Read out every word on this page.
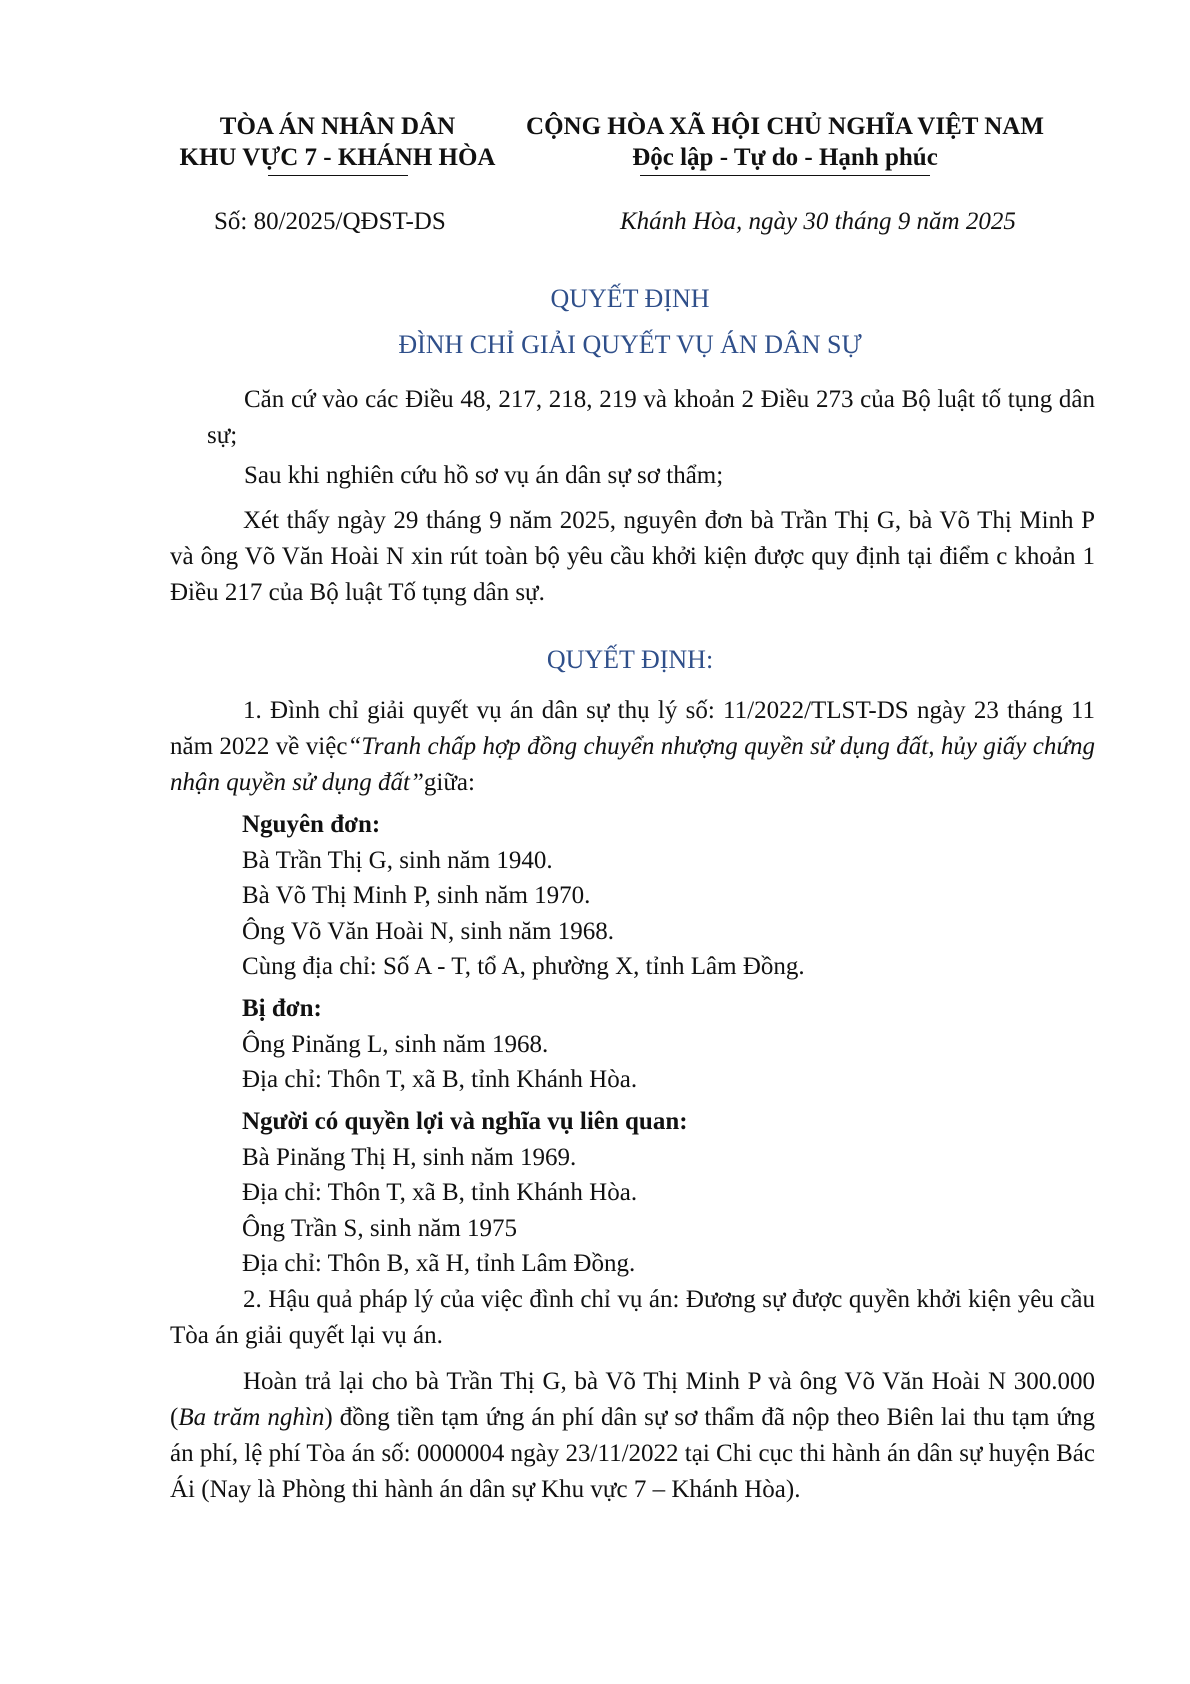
TÒA ÁN NHÂN DÂN
KHU VỰC 7 - KHÁNH HÒA
CỘNG HÒA XÃ HỘI CHỦ NGHĨA VIỆT NAM
Độc lập - Tự do - Hạnh phúc
Số: 80/2025/QĐST-DS	Khánh Hòa, ngày 30 tháng 9 năm 2025
QUYẾT ĐỊNH
ĐÌNH CHỈ GIẢI QUYẾT VỤ ÁN DÂN SỰ
Căn cứ vào các Điều 48, 217, 218, 219 và khoản 2 Điều 273 của Bộ luật tố tụng dân sự;
Sau khi nghiên cứu hồ sơ vụ án dân sự sơ thẩm;
Xét thấy ngày 29 tháng 9 năm 2025, nguyên đơn bà Trần Thị G, bà Võ Thị Minh P và ông Võ Văn Hoài N xin rút toàn bộ yêu cầu khởi kiện được quy định tại điểm c khoản 1 Điều 217 của Bộ luật Tố tụng dân sự.
QUYẾT ĐỊNH:
1. Đình chỉ giải quyết vụ án dân sự thụ lý số: 11/2022/TLST-DS ngày 23 tháng 11 năm 2022 về việc“Tranh chấp hợp đồng chuyển nhượng quyền sử dụng đất, hủy giấy chứng nhận quyền sử dụng đất”giữa:
Nguyên đơn:
Bà Trần Thị G, sinh năm 1940.
Bà Võ Thị Minh P, sinh năm 1970.
Ông Võ Văn Hoài N, sinh năm 1968.
Cùng địa chỉ: Số A - T, tổ A, phường X, tỉnh Lâm Đồng.
Bị đơn:
Ông Pinăng L, sinh năm 1968.
Địa chỉ: Thôn T, xã B, tỉnh Khánh Hòa.
Người có quyền lợi và nghĩa vụ liên quan:
Bà Pinăng Thị H, sinh năm 1969.
Địa chỉ: Thôn T, xã B, tỉnh Khánh Hòa.
Ông Trần S, sinh năm 1975
Địa chỉ: Thôn B, xã H, tỉnh Lâm Đồng.
2. Hậu quả pháp lý của việc đình chỉ vụ án: Đương sự được quyền khởi kiện yêu cầu Tòa án giải quyết lại vụ án.
Hoàn trả lại cho bà Trần Thị G, bà Võ Thị Minh P và ông Võ Văn Hoài N 300.000 (Ba trăm nghìn) đồng tiền tạm ứng án phí dân sự sơ thẩm đã nộp theo Biên lai thu tạm ứng án phí, lệ phí Tòa án số: 0000004 ngày 23/11/2022 tại Chi cục thi hành án dân sự huyện Bác Ái (Nay là Phòng thi hành án dân sự Khu vực 7 – Khánh Hòa).
